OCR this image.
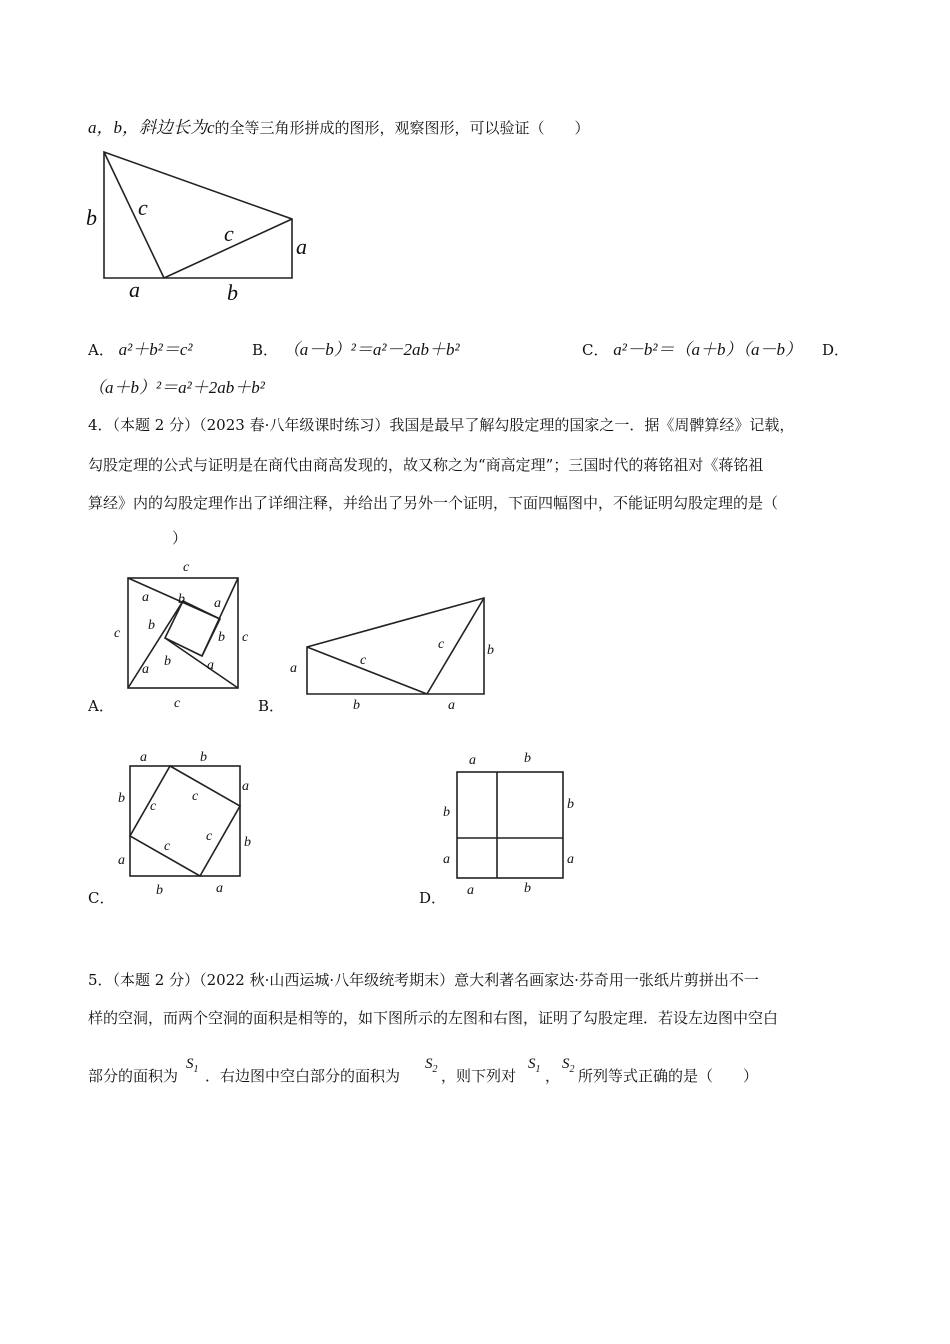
a，b，斜边长为c的全等三角形拼成的图形，观察图形，可以验证（　　）
b c
c
a
a	b
A． a²＋b²＝c²	B． （a－b）²＝a²－2ab＋b²	C． a²－b²＝（a＋b）（a－b） D．
（a＋b）²＝a²＋2ab＋b²
4．（本题 2 分）（2023 春·八年级课时练习）我国是最早了解勾股定理的国家之一．据《周髀算经》记载，
勾股定理的公式与证明是在商代由商高发现的，故又称之为“商高定理”；三国时代的蒋铭祖对《蒋铭祖
算经》内的勾股定理作出了详细注释，并给出了另外一个证明，下面四幅图中，不能证明勾股定理的是（
）
c
c	c
c
a b a
b
a
b
a
b
A．
a
c
c	b
b	a
B．
a	b
b
a
a
b
b	a
c
c
c
c
C．
a	b
b
a
b
a
a	b
D．
5．（本题 2 分）（2022 秋·山西运城·八年级统考期末）意大利著名画家达·芬奇用一张纸片剪拼出不一
样的空洞，而两个空洞的面积是相等的，如下图所示的左图和右图，证明了勾股定理．若设左边图中空白
部分的面积为
$S_1$ ．右边图中空白部分的面积为
$S_2$ ，则下列对
$S_1$ ，
$S_2$ 所列等式正确的是（　　）
